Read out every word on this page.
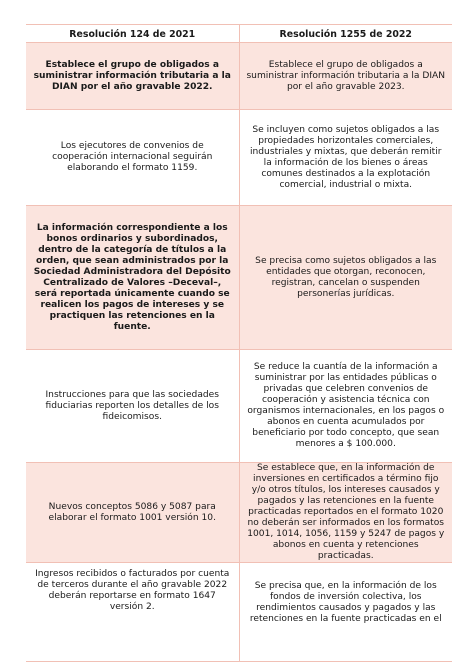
Resolución 124 de 2021	Resolución 1255 de 2022
Establece el grupo de obligados a suministrar información tributaria a la DIAN por el año gravable 2022.	Establece el grupo de obligados a suministrar información tributaria a la DIAN por el año gravable 2023.
Los ejecutores de convenios de cooperación internacional seguirán elaborando el formato 1159.	Se incluyen como sujetos obligados a las propiedades horizontales comerciales, industriales y mixtas, que deberán remitir la información de los bienes o áreas comunes destinados a la explotación comercial, industrial o mixta.
La información correspondiente a los bonos ordinarios y subordinados, dentro de la categoría de títulos a la orden, que sean administrados por la Sociedad Administradora del Depósito Centralizado de Valores –Deceval–, será reportada únicamente cuando se realicen los pagos de intereses y se practiquen las retenciones en la fuente.	Se precisa como sujetos obligados a las entidades que otorgan, reconocen, registran, cancelan o suspenden personerías jurídicas.
Instrucciones para que las sociedades fiduciarias reporten los detalles de los fideicomisos.	Se reduce la cuantía de la información a suministrar por las entidades públicas o privadas que celebren convenios de cooperación y asistencia técnica con organismos internacionales, en los pagos o abonos en cuenta acumulados por beneficiario por todo concepto, que sean menores a $ 100.000.
Nuevos conceptos 5086 y 5087 para elaborar el formato 1001 versión 10.	Se establece que, en la información de inversiones en certificados a término fijo y/o otros títulos, los intereses causados y pagados y las retenciones en la fuente practicadas reportados en el formato 1020 no deberán ser informados en los formatos 1001, 1014, 1056, 1159 y 5247 de pagos y abonos en cuenta y retenciones practicadas.
Ingresos recibidos o facturados por cuenta de terceros durante el año gravable 2022 deberán reportarse en formato 1647 versión 2.	Se precisa que, en la información de los fondos de inversión colectiva, los rendimientos causados y pagados y las retenciones en la fuente practicadas en el
